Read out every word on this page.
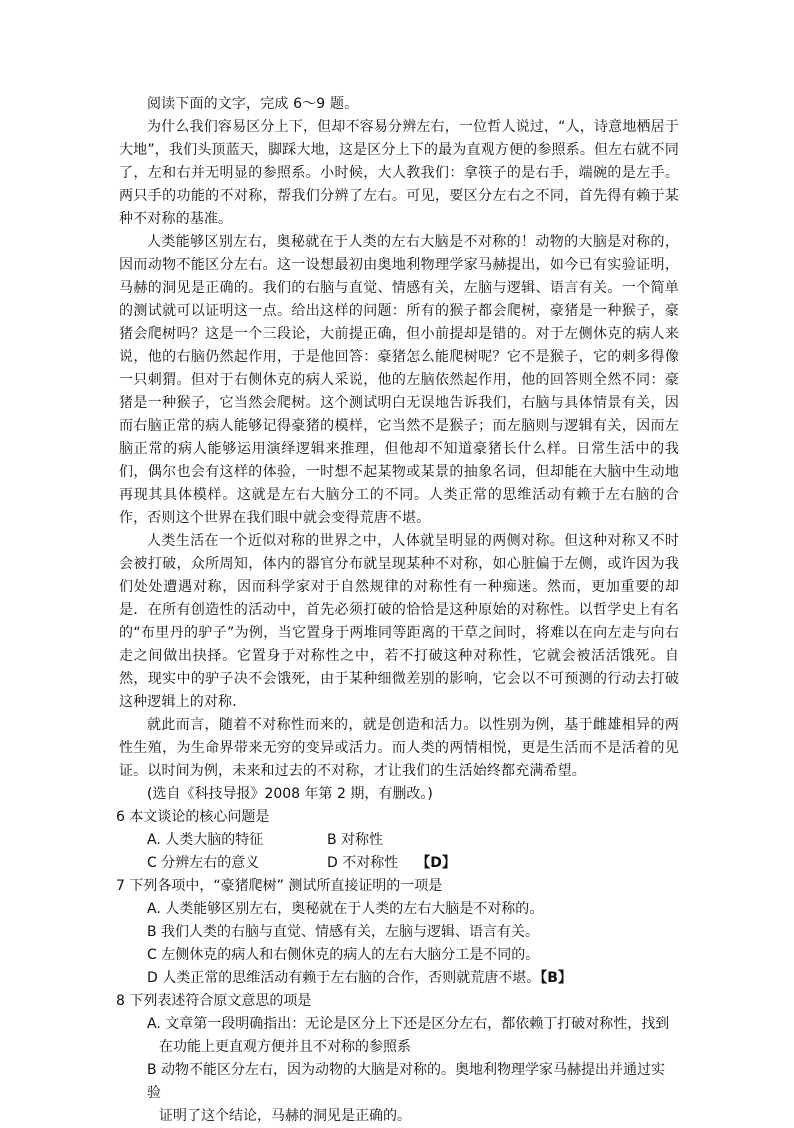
阅读下面的文字，完成 6～9 题。

为什么我们容易区分上下，但却不容易分辨左右，一位哲人说过，“人，诗意地栖居于大地”，我们头顶蓝天，脚踩大地，这是区分上下的最为直观方便的参照系。但左右就不同了，左和右并无明显的参照系。小时候，大人教我们：拿筷子的是右手，端碗的是左手。两只手的功能的不对称，帮我们分辨了左右。可见，要区分左右之不同，首先得有赖于某种不对称的基准。

人类能够区别左右，奥秘就在于人类的左右大脑是不对称的！动物的大脑是对称的，因而动物不能区分左右。这一设想最初由奥地利物理学家马赫提出，如今已有实验证明，马赫的洞见是正确的。我们的右脑与直觉、情感有关，左脑与逻辑、语言有关。一个简单的测试就可以证明这一点。给出这样的问题：所有的猴子都会爬树，豪猪是一种猴子，豪猪会爬树吗？这是一个三段论，大前提正确，但小前提却是错的。对于左侧休克的病人来说，他的右脑仍然起作用，于是他回答：豪猪怎么能爬树呢？它不是猴子，它的刺多得像一只刺猬。但对于右侧休克的病人采说，他的左脑依然起作用，他的回答则全然不同：豪猪是一种猴子，它当然会爬树。这个测试明白无误地告诉我们，右脑与具体情景有关，因而右脑正常的病人能够记得豪猪的模样，它当然不是猴子；而左脑则与逻辑有关，因而左脑正常的病人能够运用演绎逻辑来推理，但他却不知道豪猪长什么样。日常生活中的我们，偶尔也会有这样的体验，一时想不起某物或某景的抽象名词，但却能在大脑中生动地再现其具体模样。这就是左右大脑分工的不同。人类正常的思维活动有赖于左右脑的合作，否则这个世界在我们眼中就会变得荒唐不堪。

人类生活在一个近似对称的世界之中，人体就呈明显的两侧对称。但这种对称又不时会被打破，众所周知，体内的器官分布就呈现某种不对称，如心脏偏于左侧，或许因为我们处处遭遇对称，因而科学家对于自然规律的对称性有一种痴迷。然而，更加重要的却是．在所有创造性的活动中，首先必须打破的恰恰是这种原始的对称性。以哲学史上有名的“布里丹的驴子”为例，当它置身于两堆同等距离的干草之间时，将难以在向左走与向右走之间做出抉择。它置身于对称性之中，若不打破这种对称性，它就会被活活饿死。自然，现实中的驴子决不会饿死，由于某种细微差别的影响，它会以不可预测的行动去打破这种逻辑上的对称．

就此而言，随着不对称性而来的，就是创造和活力。以性别为例，基于雌雄相异的两性生殖，为生命界带来无穷的变异或活力。而人类的两情相悦，更是生活而不是活着的见证。以时间为例，未来和过去的不对称，才让我们的生活始终都充满希望。

(选自《科技导报》2008 年第 2 期，有删改。)

6 本文谈论的核心问题是

A. 人类大脑的特征	B 对称性

C 分辨左右的意义	D 不对称性 【D】

7 下列各项中，“豪猪爬树” 测试所直接证明的一项是

A. 人类能够区别左右，奥秘就在于人类的左右大脑是不对称的。

B 我们人类的右脑与直觉、情感有关，左脑与逻辑、语言有关。

C 左侧休克的病人和右侧休克的病人的左右大脑分工是不同的。

D 人类正常的思维活动有赖于左右脑的合作，否则就荒唐不堪。【B】

8 下列表述符合原文意思的项是

A. 文章第一段明确指出：无论是区分上下还是区分左右，都依赖丁打破对称性，找到

在功能上更直观方便并且不对称的参照系

B 动物不能区分左右，因为动物的大脑是对称的。奥地利物理学家马赫提出并通过实验

证明了这个结论，马赫的洞见是正确的。
